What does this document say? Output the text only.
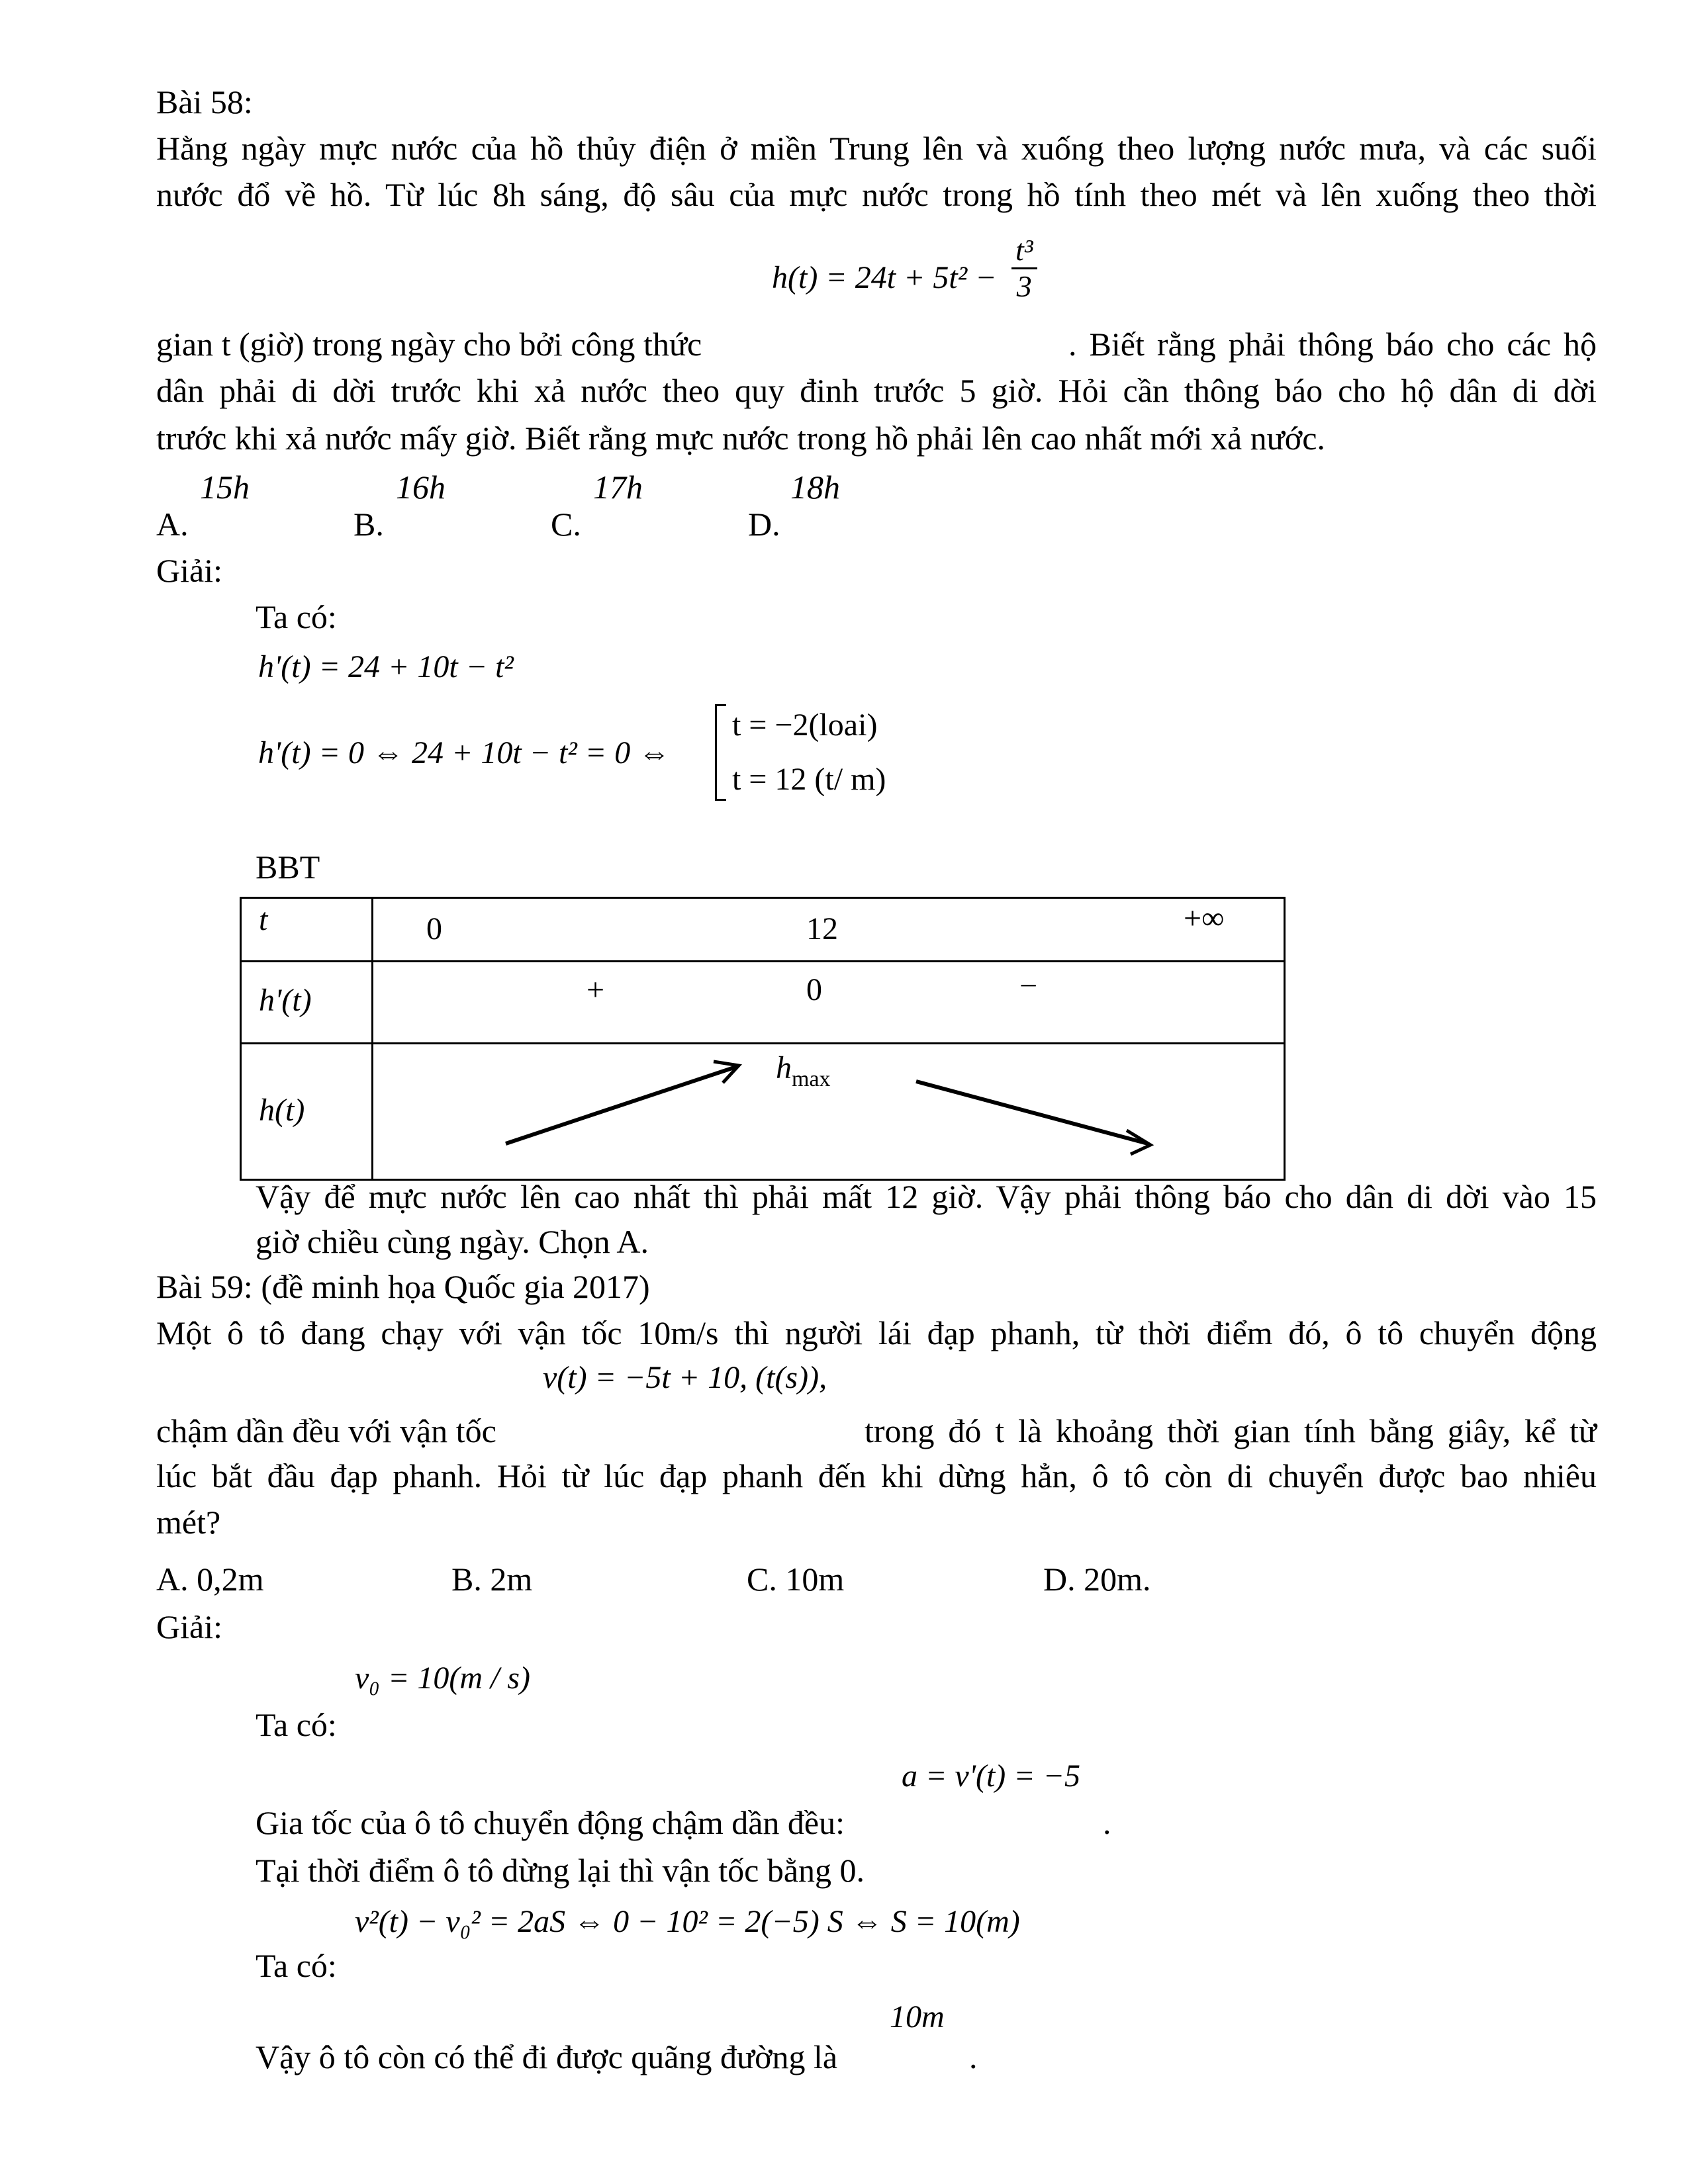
Bài 58:
Hằng ngày mực nước của hồ thủy điện ở miền Trung lên và xuống theo lượng nước mưa, và các suối
nước đổ về hồ. Từ lúc 8h sáng, độ sâu của mực nước trong hồ tính theo mét và lên xuống theo thời
$h(t) = 24t + 5t^2 - \frac{\text{t³}}{3}$
gian t (giờ) trong ngày cho bởi công thức	. Biết rằng phải thông báo cho các hộ
dân phải di dời trước khi xả nước theo quy đinh trước 5 giờ. Hỏi cần thông báo cho hộ dân di dời
trước khi xả nước mấy giờ. Biết rằng mực nước trong hồ phải lên cao nhất mới xả nước.
15h	16h	17h	18h
A.	B.	C.	D.
Giải:
Ta có:
h'(t) = 24 + 10t − t²
h'(t) = 0 ⇔ 24 + 10t − t² = 0 ⇔
t = −2(loai)
t = 12 (t/ m)
BBT
t	0 12 +∞

h'(t)	+ 0 −

h(t)	$h_{max}$
Vậy để mực nước lên cao nhất thì phải mất 12 giờ. Vậy phải thông báo cho dân di dời vào 15
giờ chiều cùng ngày. Chọn A.
Bài 59: (đề minh họa Quốc gia 2017)
Một ô tô đang chạy với vận tốc 10m/s thì người lái đạp phanh, từ thời điểm đó, ô tô chuyển động
v(t) = −5t + 10, (t(s)),
chậm dần đều với vận tốc	trong đó t là khoảng thời gian tính bằng giây, kể từ
lúc bắt đầu đạp phanh. Hỏi từ lúc đạp phanh đến khi dừng hẳn, ô tô còn di chuyển được bao nhiêu
mét?
A. 0,2m	B. 2m	C. 10m	D. 20m.
Giải:
v₀ = 10(m / s)
Ta có:
a = v'(t) = −5
Gia tốc của ô tô chuyển động chậm dần đều:	.
Tại thời điểm ô tô dừng lại thì vận tốc bằng 0.
v²(t) − v₀² = 2aS ⇔ 0 − 10² = 2(−5) S ⇔ S = 10(m)
Ta có:
10m
Vậy ô tô còn có thể đi được quãng đường là	.
